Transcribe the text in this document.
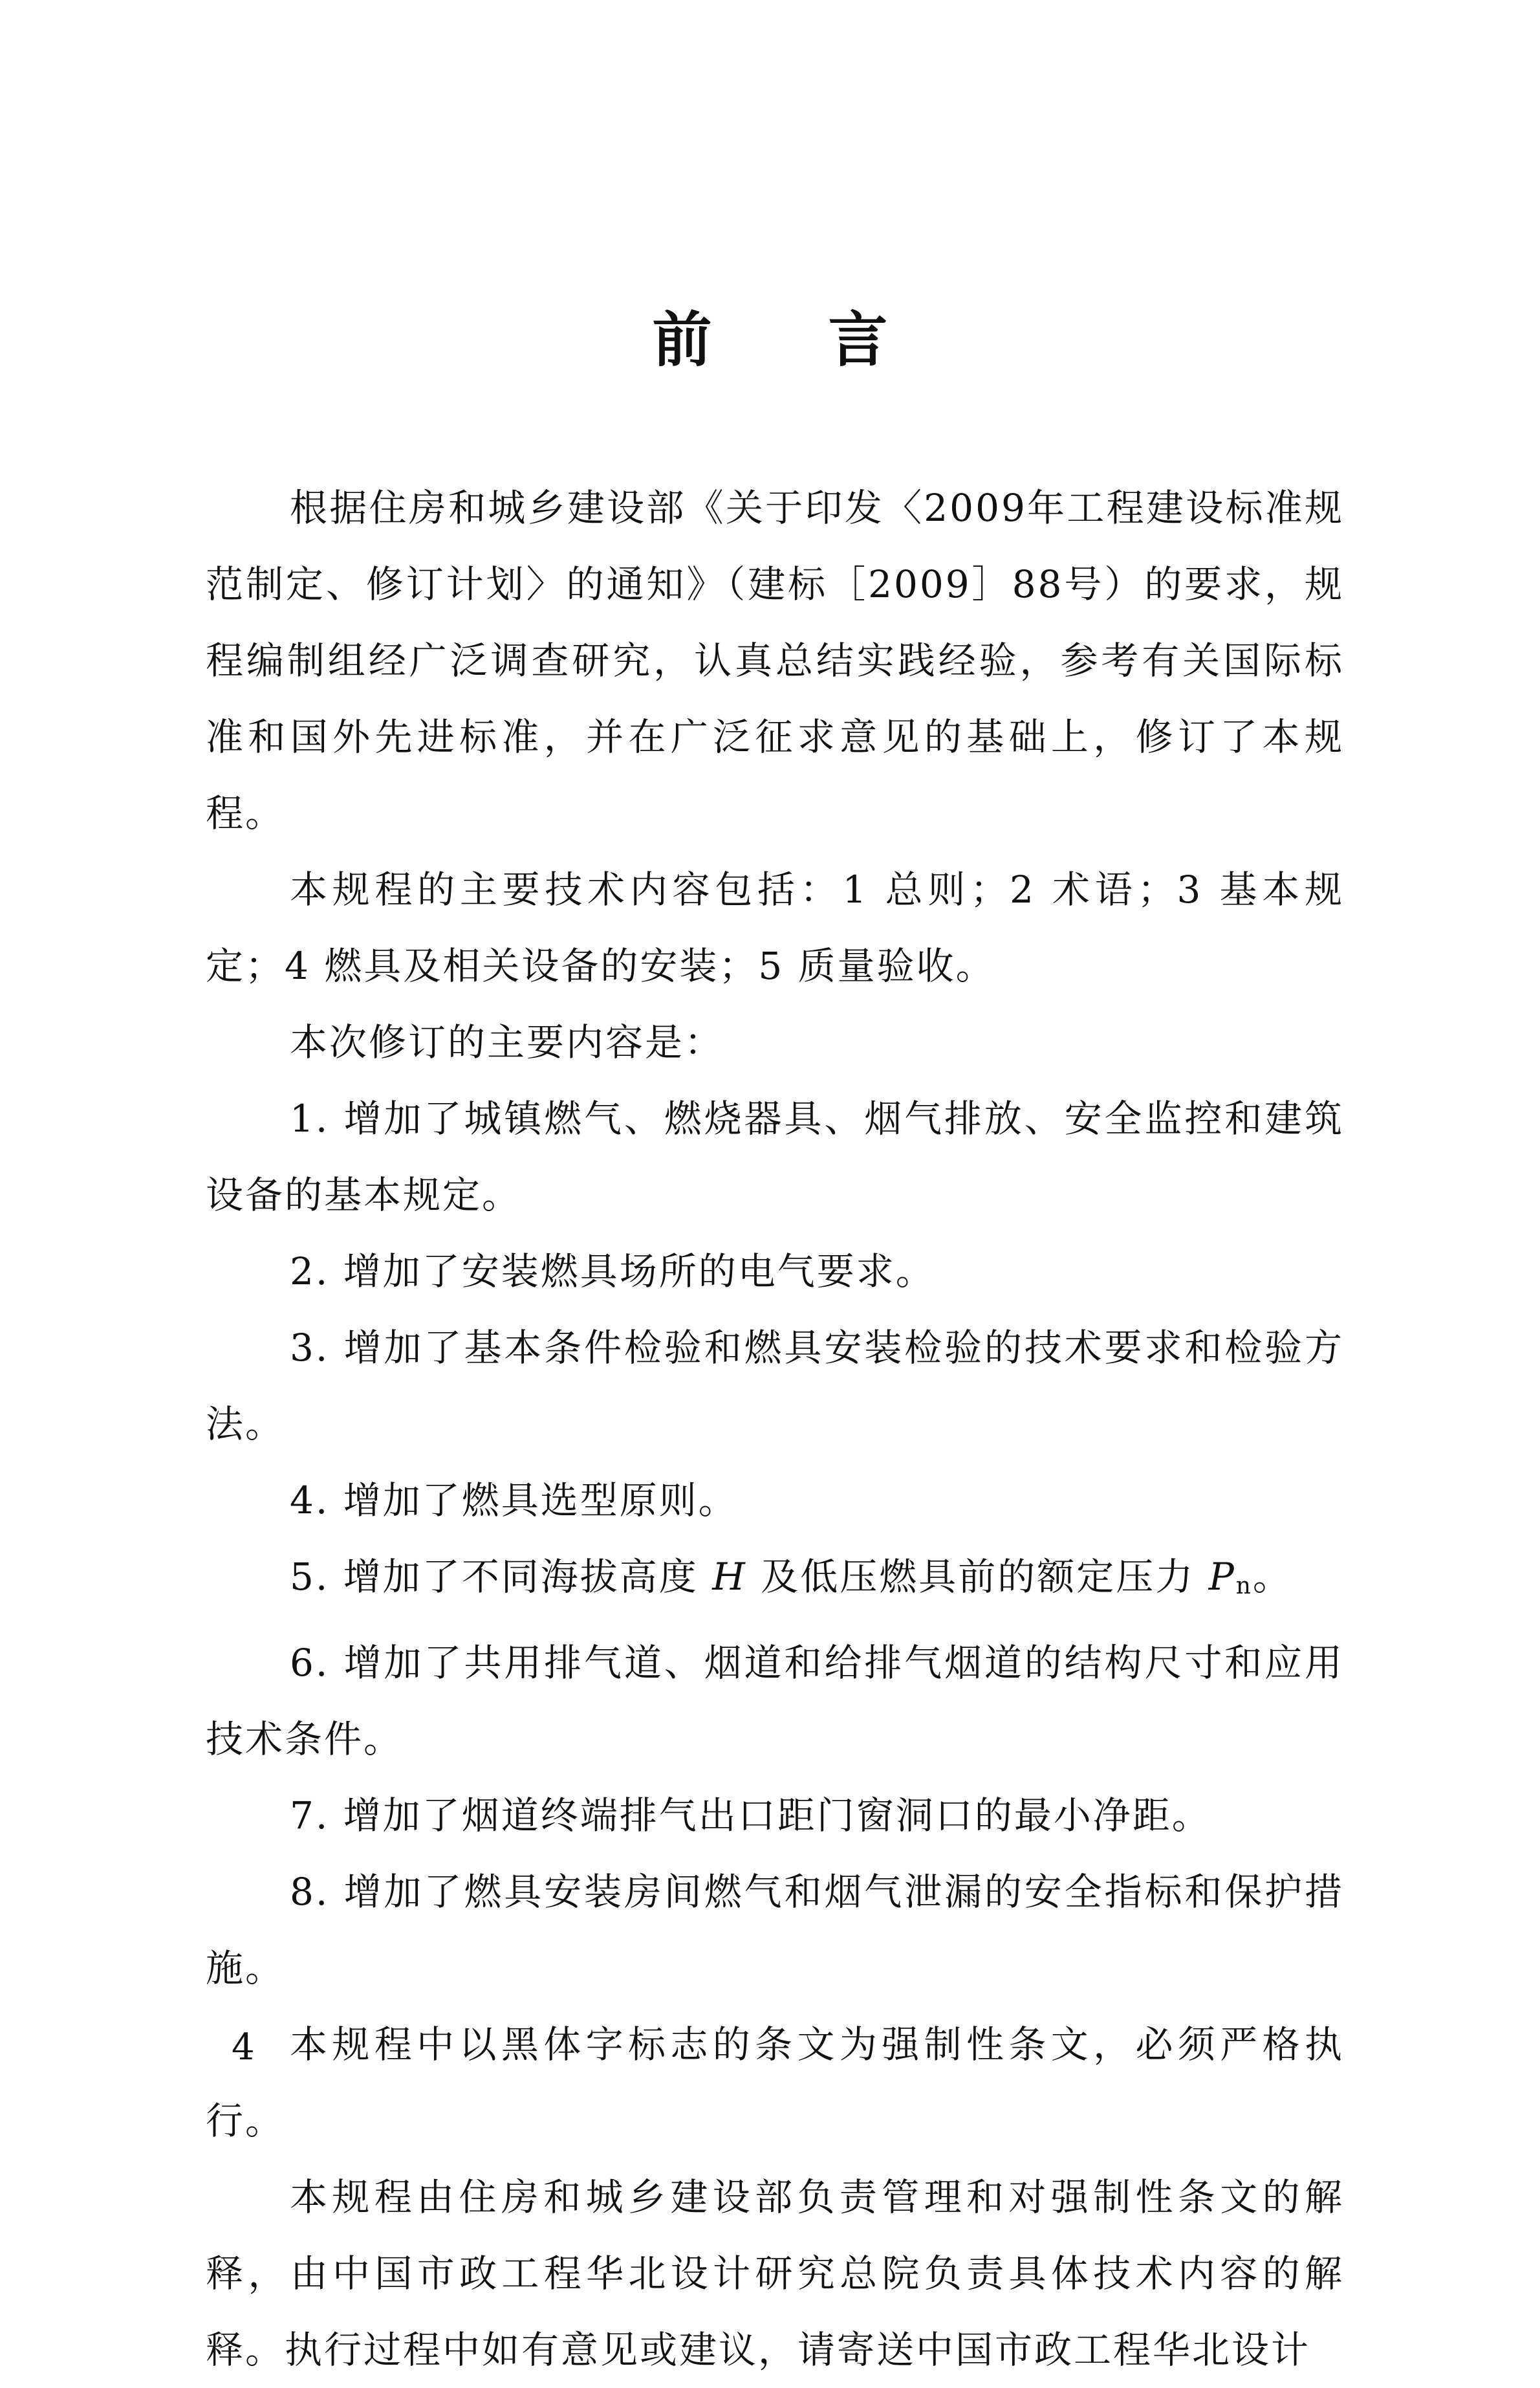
前言

根据住房和城乡建设部《关于印发〈2009年工程建设标准规范制定、修订计划〉的通知》（建标［2009］88号）的要求，规程编制组经广泛调查研究，认真总结实践经验，参考有关国际标准和国外先进标准，并在广泛征求意见的基础上，修订了本规程。

本规程的主要技术内容包括：1 总则；2 术语；3 基本规定；4 燃具及相关设备的安装；5 质量验收。

本次修订的主要内容是：

1. 增加了城镇燃气、燃烧器具、烟气排放、安全监控和建筑设备的基本规定。

2. 增加了安装燃具场所的电气要求。

3. 增加了基本条件检验和燃具安装检验的技术要求和检验方法。

4. 增加了燃具选型原则。

5. 增加了不同海拔高度 H 及低压燃具前的额定压力 Pn。

6. 增加了共用排气道、烟道和给排气烟道的结构尺寸和应用技术条件。

7. 增加了烟道终端排气出口距门窗洞口的最小净距。

8. 增加了燃具安装房间燃气和烟气泄漏的安全指标和保护措施。

本规程中以黑体字标志的条文为强制性条文，必须严格执行。

本规程由住房和城乡建设部负责管理和对强制性条文的解释，由中国市政工程华北设计研究总院负责具体技术内容的解释。执行过程中如有意见或建议，请寄送中国市政工程华北设计

4
